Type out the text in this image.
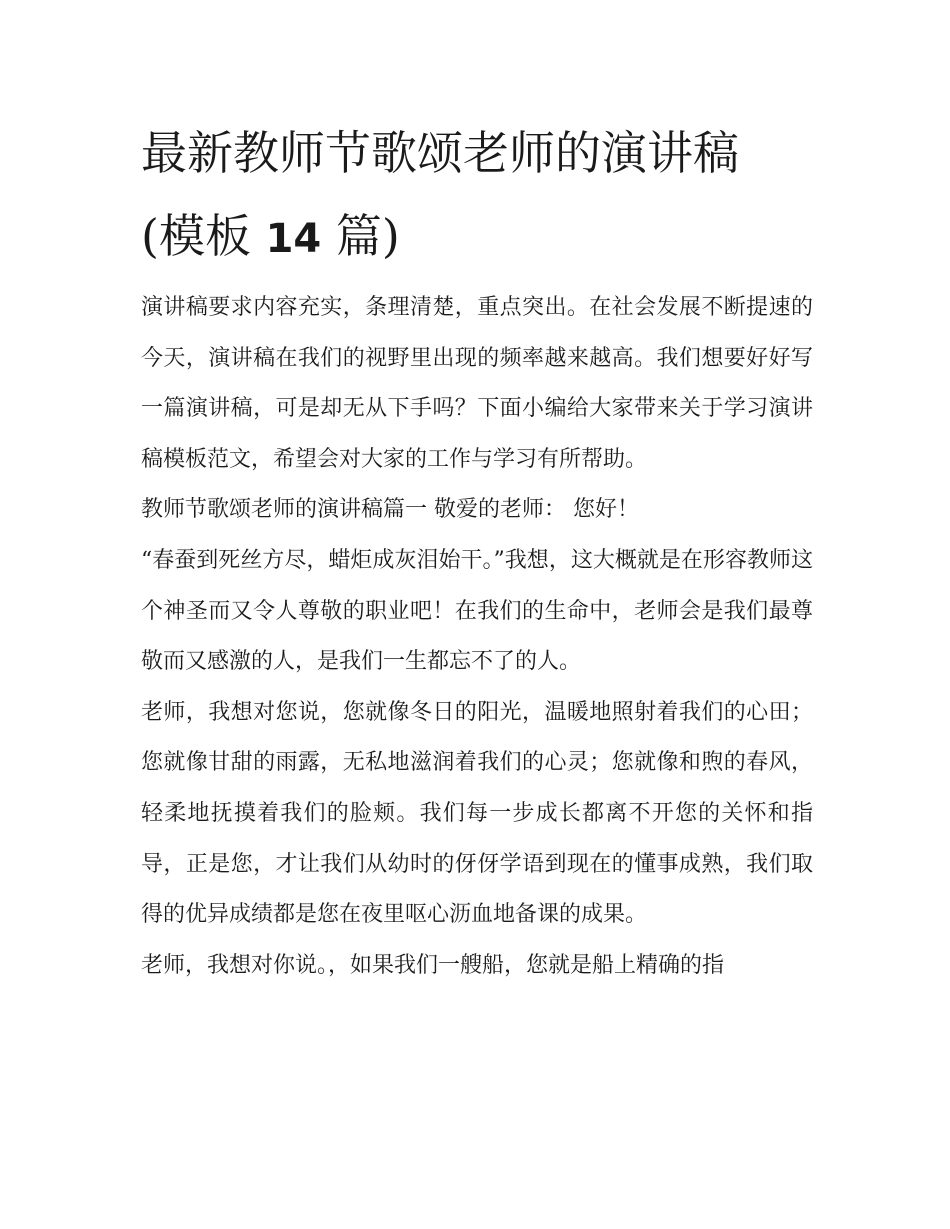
最新教师节歌颂老师的演讲稿
(模板 14 篇)

演讲稿要求内容充实，条理清楚，重点突出。在社会发展不断提速的今天，演讲稿在我们的视野里出现的频率越来越高。我们想要好好写一篇演讲稿，可是却无从下手吗？下面小编给大家带来关于学习演讲稿模板范文，希望会对大家的工作与学习有所帮助。

教师节歌颂老师的演讲稿篇一 敬爱的老师： 您好！

“春蚕到死丝方尽，蜡炬成灰泪始干。”我想，这大概就是在形容教师这个神圣而又令人尊敬的职业吧！在我们的生命中，老师会是我们最尊敬而又感激的人，是我们一生都忘不了的人。

老师，我想对您说，您就像冬日的阳光，温暖地照射着我们的心田；您就像甘甜的雨露，无私地滋润着我们的心灵；您就像和煦的春风，轻柔地抚摸着我们的脸颊。我们每一步成长都离不开您的关怀和指导，正是您，才让我们从幼时的伢伢学语到现在的懂事成熟，我们取得的优异成绩都是您在夜里呕心沥血地备课的成果。

老师，我想对你说。，如果我们一艘船，您就是船上精确的指
